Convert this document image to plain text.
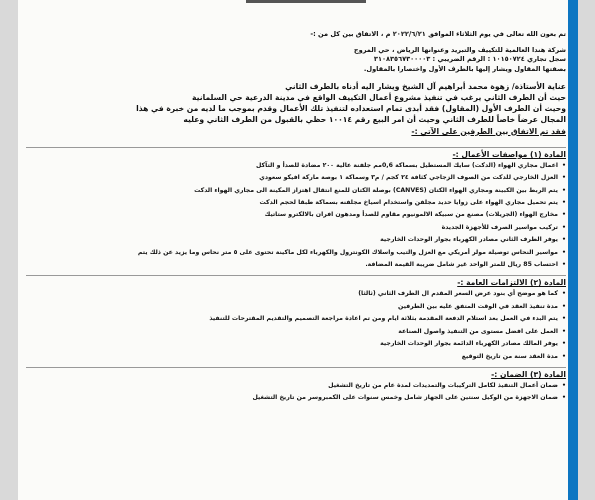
تم بعون الله تعالى في يوم الثلاثاء الموافق ٢٠٢٢/٦/٢١ م ، الاتفاق بين كل من :-
شركة هندا العالمية للتكييف والتبريد وعنوانها الرياض ، حي المروج
سجل تجاري ١٠١٥٠٧٢٤ : الرقم الضريبي : ٣١٠٨٣٥٦٧٣٠٠٠٠٣
بصفتها المقاول ويشار إليها بالطرف الأول واختصارا بالمقاول.
عناية الأستاذة/ زهوة محمد أبراهيم آل الشيخ ويشار اليه أدناه بالطرف الثاني
حيث أن الطرف الثاني يرغب في تنفيذ مشروع أعمال التكييف الواقع في مدينة الدرعية حي السلمانية
وحيث أن الطرف الأول (المقاول) فقد أبدى تمام استعداده لتنفيذ تلك الأعمال وقدم بموجب ما لديه من خبرة في هذا
المجال عرضاً خاصاً للطرف الثاني وحيث أن امر البيع رقم ١٠٠١٤ حظي بالقبول من الطرف الثاني وعليه
فقد تم الاتفاق بين الطرفين على الآتي :-
المادة (١) مواصفات الأعمال :-
• اعمال مجاري الهواء (الدكت) سايك المستطيل بسماكة 0,6مم جلفنة عالية ٢٠٠ مضادة للصدأ و التآكل
• العزل الخارجي للدكت من الصوف الزجاجي كثافة ٢٤ كجم / م٣ وسماكة ١ بوصة ماركة افيكو سعودي
• يتم الربط بين الكبينة ومجاري الهواء الكتان (CANVES) بوصلة الكتان للمنع انتقال اهتزاز المكينة الى مجاري الهواء الدكت
• يتم تحميل مجاري الهواء على زوايا حديد مجلفن واستخدام اسياخ مجلفنه بسماكة طبقا لحجم الدكت
• مخارج الهواء (الجريلات) مصنع من سبيكة الالمونيوم مقاوم للصدأ ومدهون افران بالالكترو ستاتيك
• تركيب مواسير الصرف للأجهزة الجديدة
• يوفر الطرف الثاني مصادر الكهرباء بجوار الوحدات الخارجية
• مواسير النحاس توصيلة مولر أمريكي مع العزل والتيب واسلاك الكونترول والكهرباء لكل ماكينة تحتوى على ٥ متر نحاس وما يزيد عن ذلك يتم
• احتساب 85 ريال للمتر الواحد غير شامل ضريبة القيمة المضافة.
المادة (٢) الالتزامات العامة :-
• كما هو موضح أي بنود عرض السعر المقدم ال الطرف الثاني (ثالثا)
• مدة تنفيذ العقد في الوقت المتفق عليه بين الطرفين
• يتم البدء في العمل بعد استلام الدفعة المقدمة بثلاثة ايام ومن تم اعادة مراجعة التصميم والتقديم المقترحات للتنفيذ
• العمل على افضل مستوى من التنفيذ واصول الصناعة
• يوفر المالك مصادر الكهرباء الدائمة بجوار الوحدات الخارجية
• مدة العقد سنة من تاريخ التوقيع
المادة (٣) الضمان :-
• ضمان أعمال التنفيذ لكامل التركيبات والتمديدات لمدة عام من تاريخ التشغيل
• ضمان الاجهزة من الوكيل سنتين على الجهاز شامل وخمس سنوات على الكمبروسر من تاريخ التشغيل
